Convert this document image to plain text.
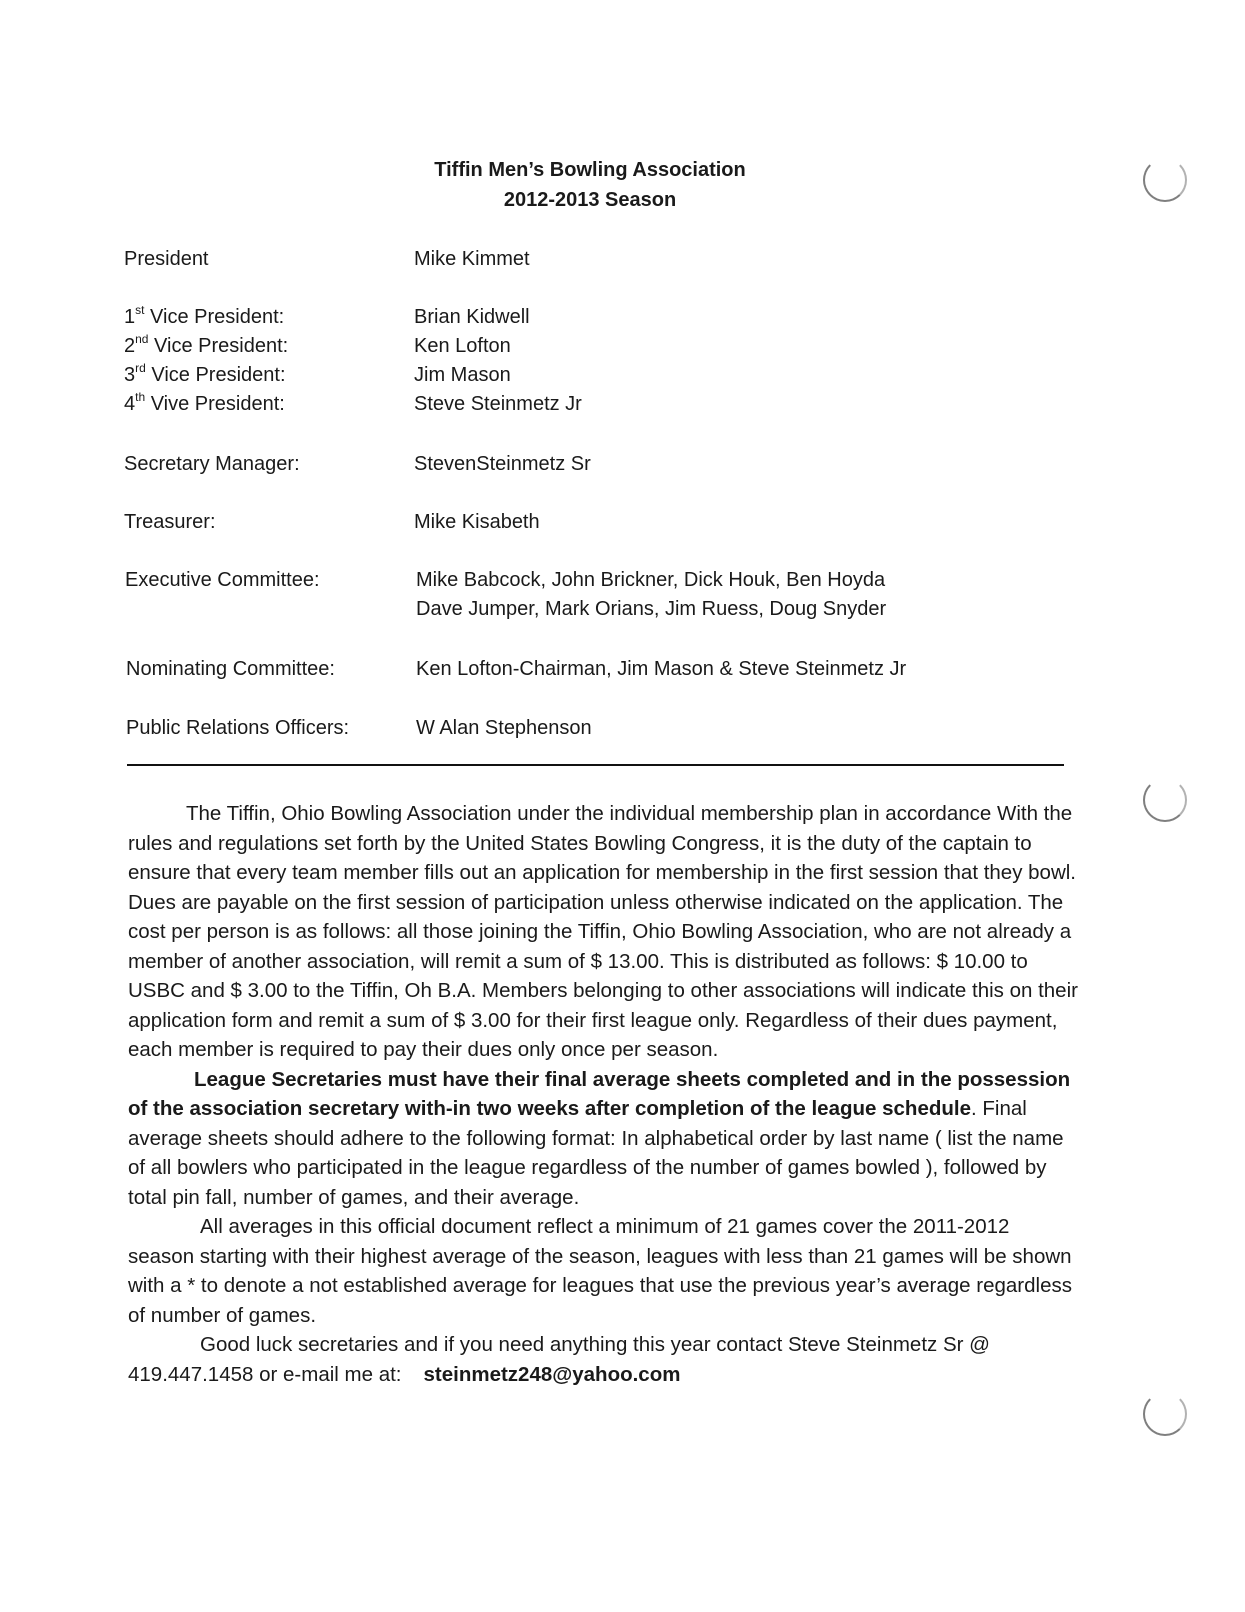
Tiffin Men’s Bowling Association
2012-2013 Season
President	Mike Kimmet
1st Vice President:	Brian Kidwell
2nd Vice President:	Ken Lofton
3rd Vice President:	Jim Mason
4th Vive President:	Steve Steinmetz Jr
Secretary Manager:	StevenSteinmetz Sr
Treasurer:	Mike Kisabeth
Executive Committee:	Mike Babcock, John Brickner, Dick Houk, Ben Hoyda
Dave Jumper, Mark Orians, Jim Ruess, Doug Snyder
Nominating Committee:	Ken Lofton-Chairman, Jim Mason & Steve Steinmetz Jr
Public Relations Officers:	W Alan Stephenson

The Tiffin, Ohio Bowling Association under the individual membership plan in accordance With the rules and regulations set forth by the United States Bowling Congress, it is the duty of the captain to ensure that every team member fills out an application for membership in the first session that they bowl. Dues are payable on the first session of participation unless otherwise indicated on the application. The cost per person is as follows: all those joining the Tiffin, Ohio Bowling Association, who are not already a member of another association, will remit a sum of $ 13.00. This is distributed as follows: $ 10.00 to USBC and $ 3.00 to the Tiffin, Oh B.A. Members belonging to other associations will indicate this on their application form and remit a sum of $ 3.00 for their first league only. Regardless of their dues payment, each member is required to pay their dues only once per season.

League Secretaries must have their final average sheets completed and in the possession of the association secretary with-in two weeks after completion of the league schedule. Final average sheets should adhere to the following format: In alphabetical order by last name ( list the name of all bowlers who participated in the league regardless of the number of games bowled ), followed by total pin fall, number of games, and their average.

All averages in this official document reflect a minimum of 21 games cover the 2011-2012 season starting with their highest average of the season, leagues with less than 21 games will be shown with a * to denote a not established average for leagues that use the previous year’s average regardless of number of games.

Good luck secretaries and if you need anything this year contact Steve Steinmetz Sr @ 419.447.1458 or e-mail me at: steinmetz248@yahoo.com
